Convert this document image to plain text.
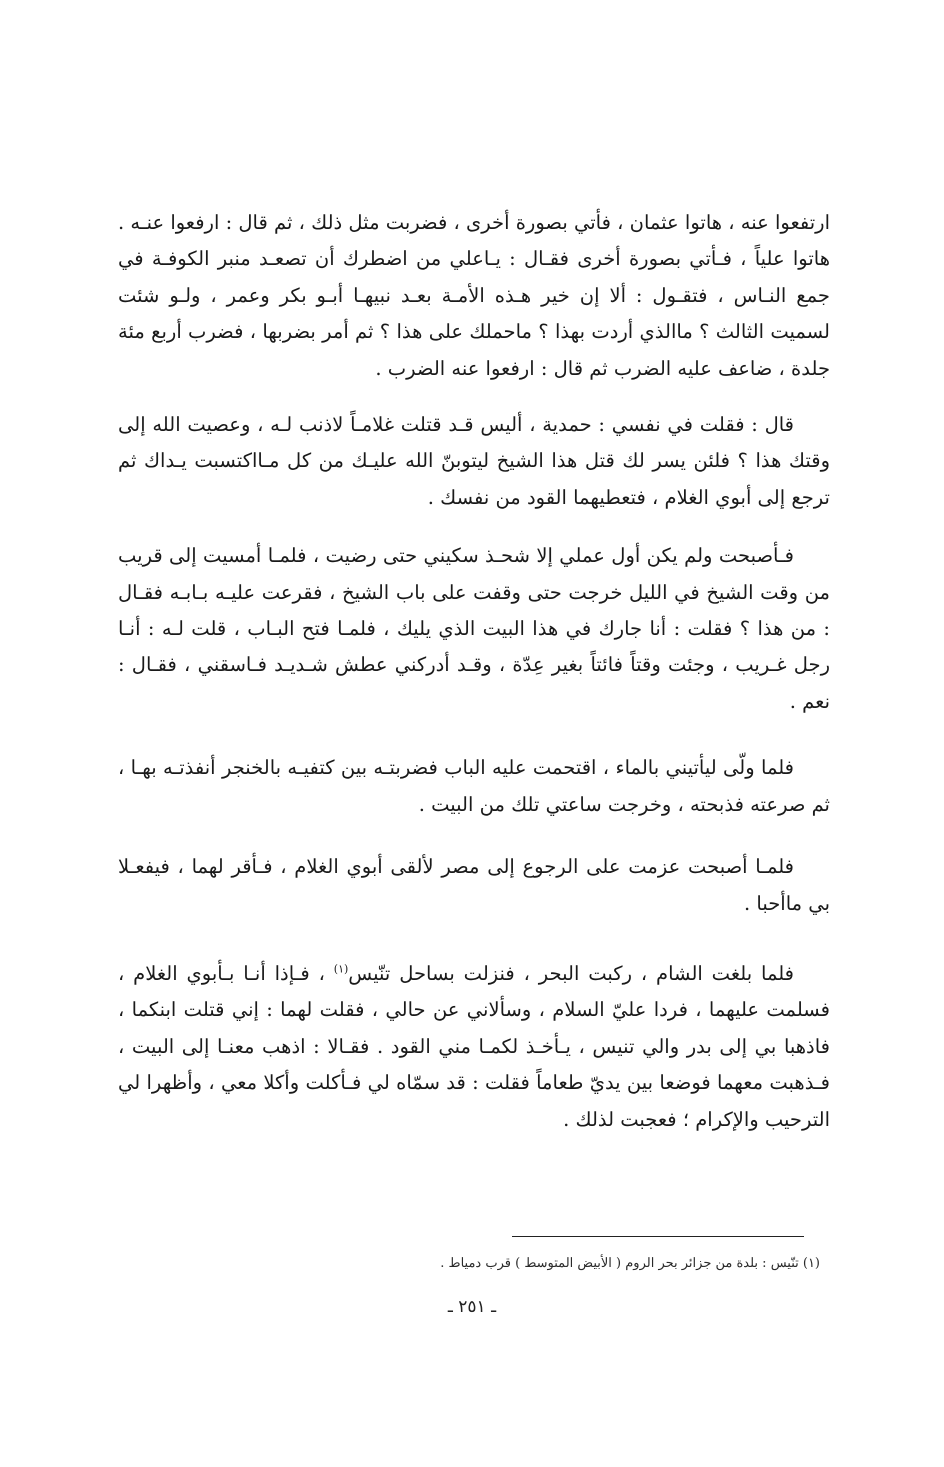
ارتفعوا عنه ، هاتوا عثمان ، فأتي بصورة أخرى ، فضربت مثل ذلك ، ثم قال : ارفعوا عنـه . هاتوا علياً ، فـأتي بصورة أخرى فقـال : يـاعلي من اضطرك أن تصعـد منبر الكوفـة في جمع النـاس ، فتقـول : ألا إن خير هـذه الأمـة بعـد نبيهـا أبـو بكر وعمر ، ولـو شئت لسميت الثالث ؟ ماالذي أردت بهذا ؟ ماحملك على هذا ؟ ثم أمر بضربها ، فضرب أربع مئة جلدة ، ضاعف عليه الضرب ثم قال : ارفعوا عنه الضرب .

قال : فقلت في نفسي : حمدية ، أليس قـد قتلت غلامـاً لاذنب لـه ، وعصيت الله إلى وقتك هذا ؟ فلئن يسر لك قتل هذا الشيخ ليتوبنّ الله عليـك من كل مـااكتسبت يـداك ثم ترجع إلى أبوي الغلام ، فتعطيهما القود من نفسك .

فـأصبحت ولم يكن أول عملي إلا شحـذ سكيني حتى رضيت ، فلمـا أمسيت إلى قريب من وقت الشيخ في الليل خرجت حتى وقفت على باب الشيخ ، فقرعت عليـه بـابـه فقـال : من هذا ؟ فقلت : أنا جارك في هذا البيت الذي يليك ، فلمـا فتح البـاب ، قلت لـه : أنـا رجل غـريب ، وجئت وقتاً فائتاً بغير عِدّة ، وقـد أدركني عطش شـديـد فـاسقني ، فقـال : نعم .

فلما ولّى ليأتيني بالماء ، اقتحمت عليه الباب فضربتـه بين كتفيـه بالخنجر أنفذتـه بهـا ، ثم صرعته فذبحته ، وخرجت ساعتي تلك من البيت .

فلمـا أصبحت عزمت على الرجوع إلى مصر لألقى أبوي الغلام ، فـأقر لهما ، فيفعـلا بي ماأحبا .

فلما بلغت الشام ، ركبت البحر ، فنزلت بساحل تنّيس$^{(١)}$ ، فـإذا أنـا بـأبوي الغلام ، فسلمت عليهما ، فردا عليّ السلام ، وسألاني عن حالي ، فقلت لهما : إني قتلت ابنكما ، فاذهبا بي إلى بدر والي تنيس ، يـأخـذ لكمـا مني القود . فقـالا : اذهب معنـا إلى البيت ، فـذهبت معهما فوضعا بين يديّ طعاماً فقلت : قد سمّاه لي فـأكلت وأكلا معي ، وأظهرا لي الترحيب والإكرام ؛ فعجبت لذلك .

(١) تنّيس : بلدة من جزائر بحر الروم ( الأبيض المتوسط ) قرب دمياط .
ـ ٢٥١ ـ
